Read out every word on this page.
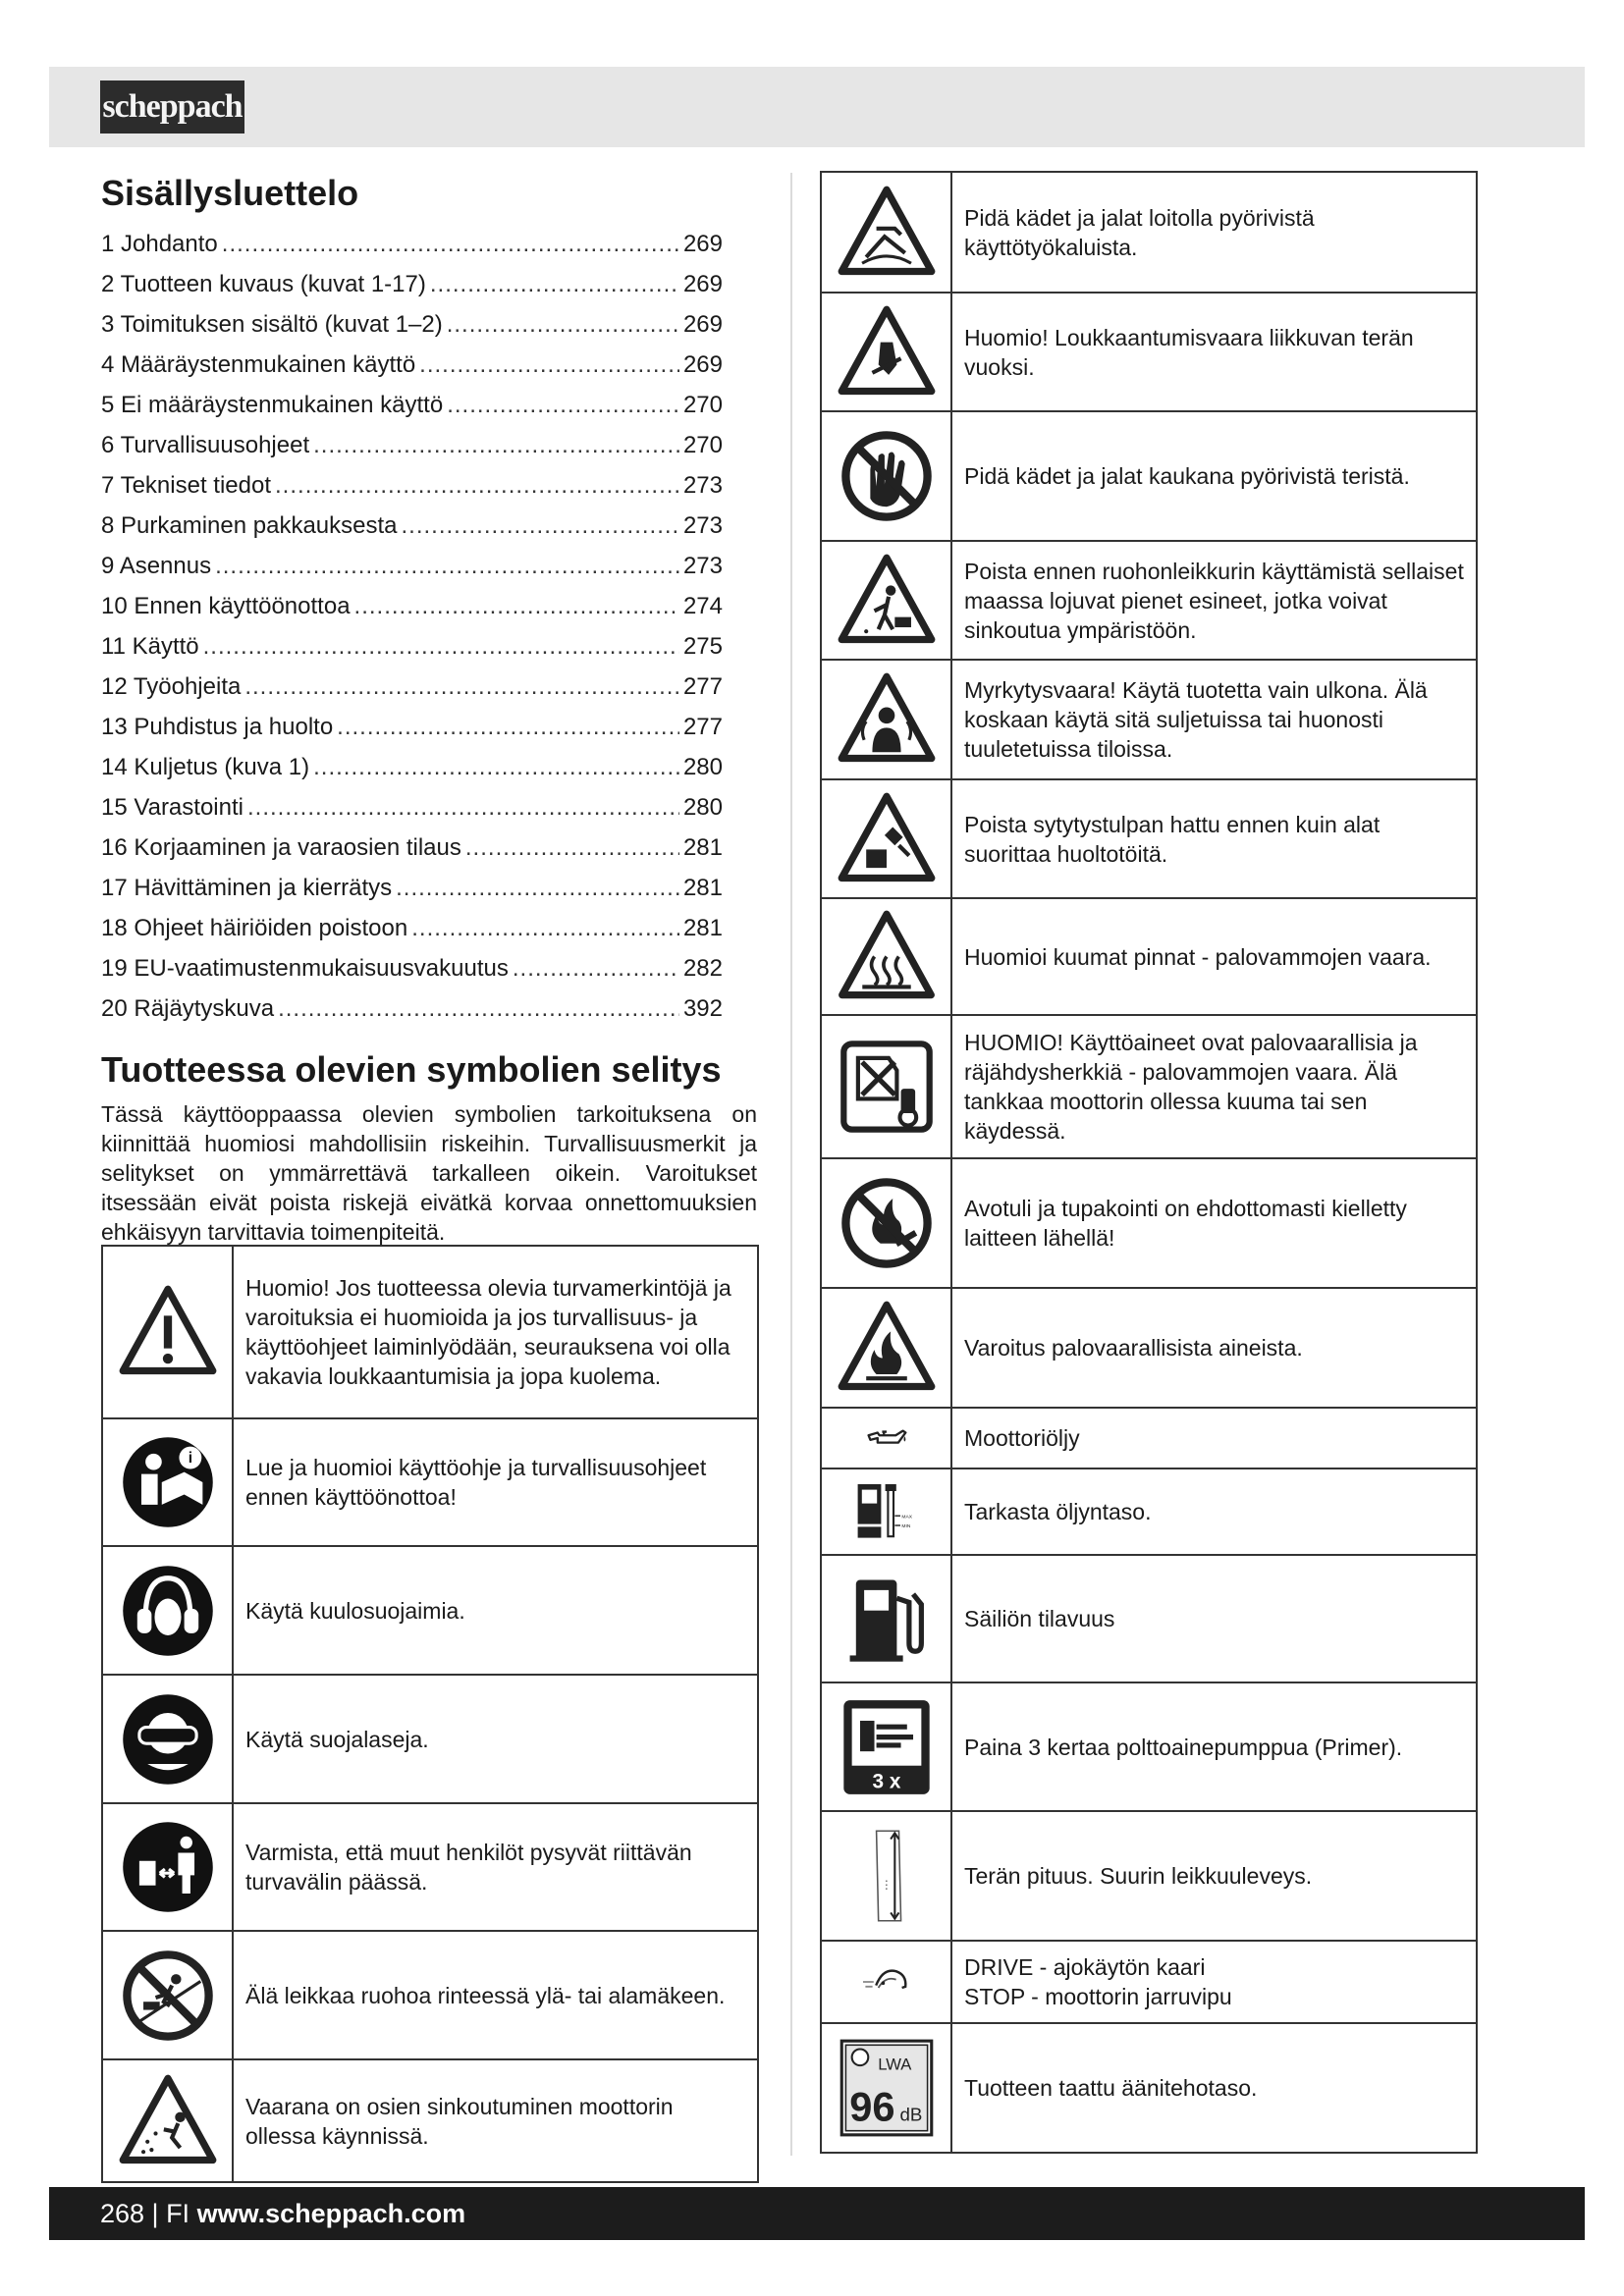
scheppach
Sisällysluettelo
1 Johdanto .....	269
2 Tuotteen kuvaus (kuvat 1-17) .....	269
3 Toimituksen sisältö (kuvat 1–2) .....	269
4 Määräystenmukainen käyttö .....	269
5 Ei määräystenmukainen käyttö .....	270
6 Turvallisuusohjeet .....	270
7 Tekniset tiedot .....	273
8 Purkaminen pakkauksesta .....	273
9 Asennus .....	273
10 Ennen käyttöönottoa .....	274
11 Käyttö .....	275
12 Työohjeita .....	277
13 Puhdistus ja huolto .....	277
14 Kuljetus (kuva 1) .....	280
15 Varastointi .....	280
16 Korjaaminen ja varaosien tilaus .....	281
17 Hävittäminen ja kierrätys .....	281
18 Ohjeet häiriöiden poistoon .....	281
19 EU-vaatimustenmukaisuusvakuutus .....	282
20 Räjäytyskuva .....	392
Tuotteessa olevien symbolien selitys

Tässä käyttöoppaassa olevien symbolien tarkoituksena on kiinnittää huomiosi mahdollisiin riskeihin. Turvallisuusmerkit ja selitykset on ymmärrettävä tarkalleen oikein. Varoitukset itsessään eivät poista riskejä eivätkä korvaa onnettomuuksien ehkäisyyn tarvittavia toimenpiteitä.

	Huomio! Jos tuotteessa olevia turvamerkintöjä ja varoituksia ei huomioida ja jos turvallisuus- ja käyttöohjeet laiminlyödään, seurauksena voi olla vakavia loukkaantumisia ja jopa kuolema.

i	Lue ja huomioi käyttöohje ja turvallisuusohjeet ennen käyttöönottoa!

	Käytä kuulosuojaimia.

	Käytä suojalaseja.

	Varmista, että muut henkilöt pysyvät riittävän turvavälin päässä.

	Älä leikkaa ruohoa rinteessä ylä- tai alamäkeen.

	Vaarana on osien sinkoutuminen moottorin ollessa käynnissä.
	Pidä kädet ja jalat loitolla pyörivistä käyttötyökaluista.

	Huomio! Loukkaantumisvaara liikkuvan terän vuoksi.

	Pidä kädet ja jalat kaukana pyörivistä teristä.

	Poista ennen ruohonleikkurin käyttämistä sellaiset maassa lojuvat pienet esineet, jotka voivat sinkoutua ympäristöön.

	Myrkytysvaara! Käytä tuotetta vain ulkona. Älä koskaan käytä sitä suljetuissa tai huonosti tuuletetuissa tiloissa.

	Poista sytytystulpan hattu ennen kuin alat suorittaa huoltotöitä.

	Huomioi kuumat pinnat - palovammojen vaara.

	HUOMIO! Käyttöaineet ovat palovaarallisia ja räjähdysherkkiä - palovammojen vaara. Älä tankkaa moottorin ollessa kuuma tai sen käydessä.

	Avotuli ja tupakointi on ehdottomasti kielletty laitteen lähellä!

	Varoitus palovaarallisista aineista.

	Moottoriöljy

MAX
MIN	Tarkasta öljyntaso.

	Säiliön tilavuus

3 x	Paina 3 kertaa polttoainepumppua (Primer).

▪ ▪ ▪	Terän pituus. Suurin leikkuuleveys.

	DRIVE - ajokäytön kaari
STOP - moottorin jarruvipu

LWA
96 dB	Tuotteen taattu äänitehotaso.
268 | FI www.scheppach.com
